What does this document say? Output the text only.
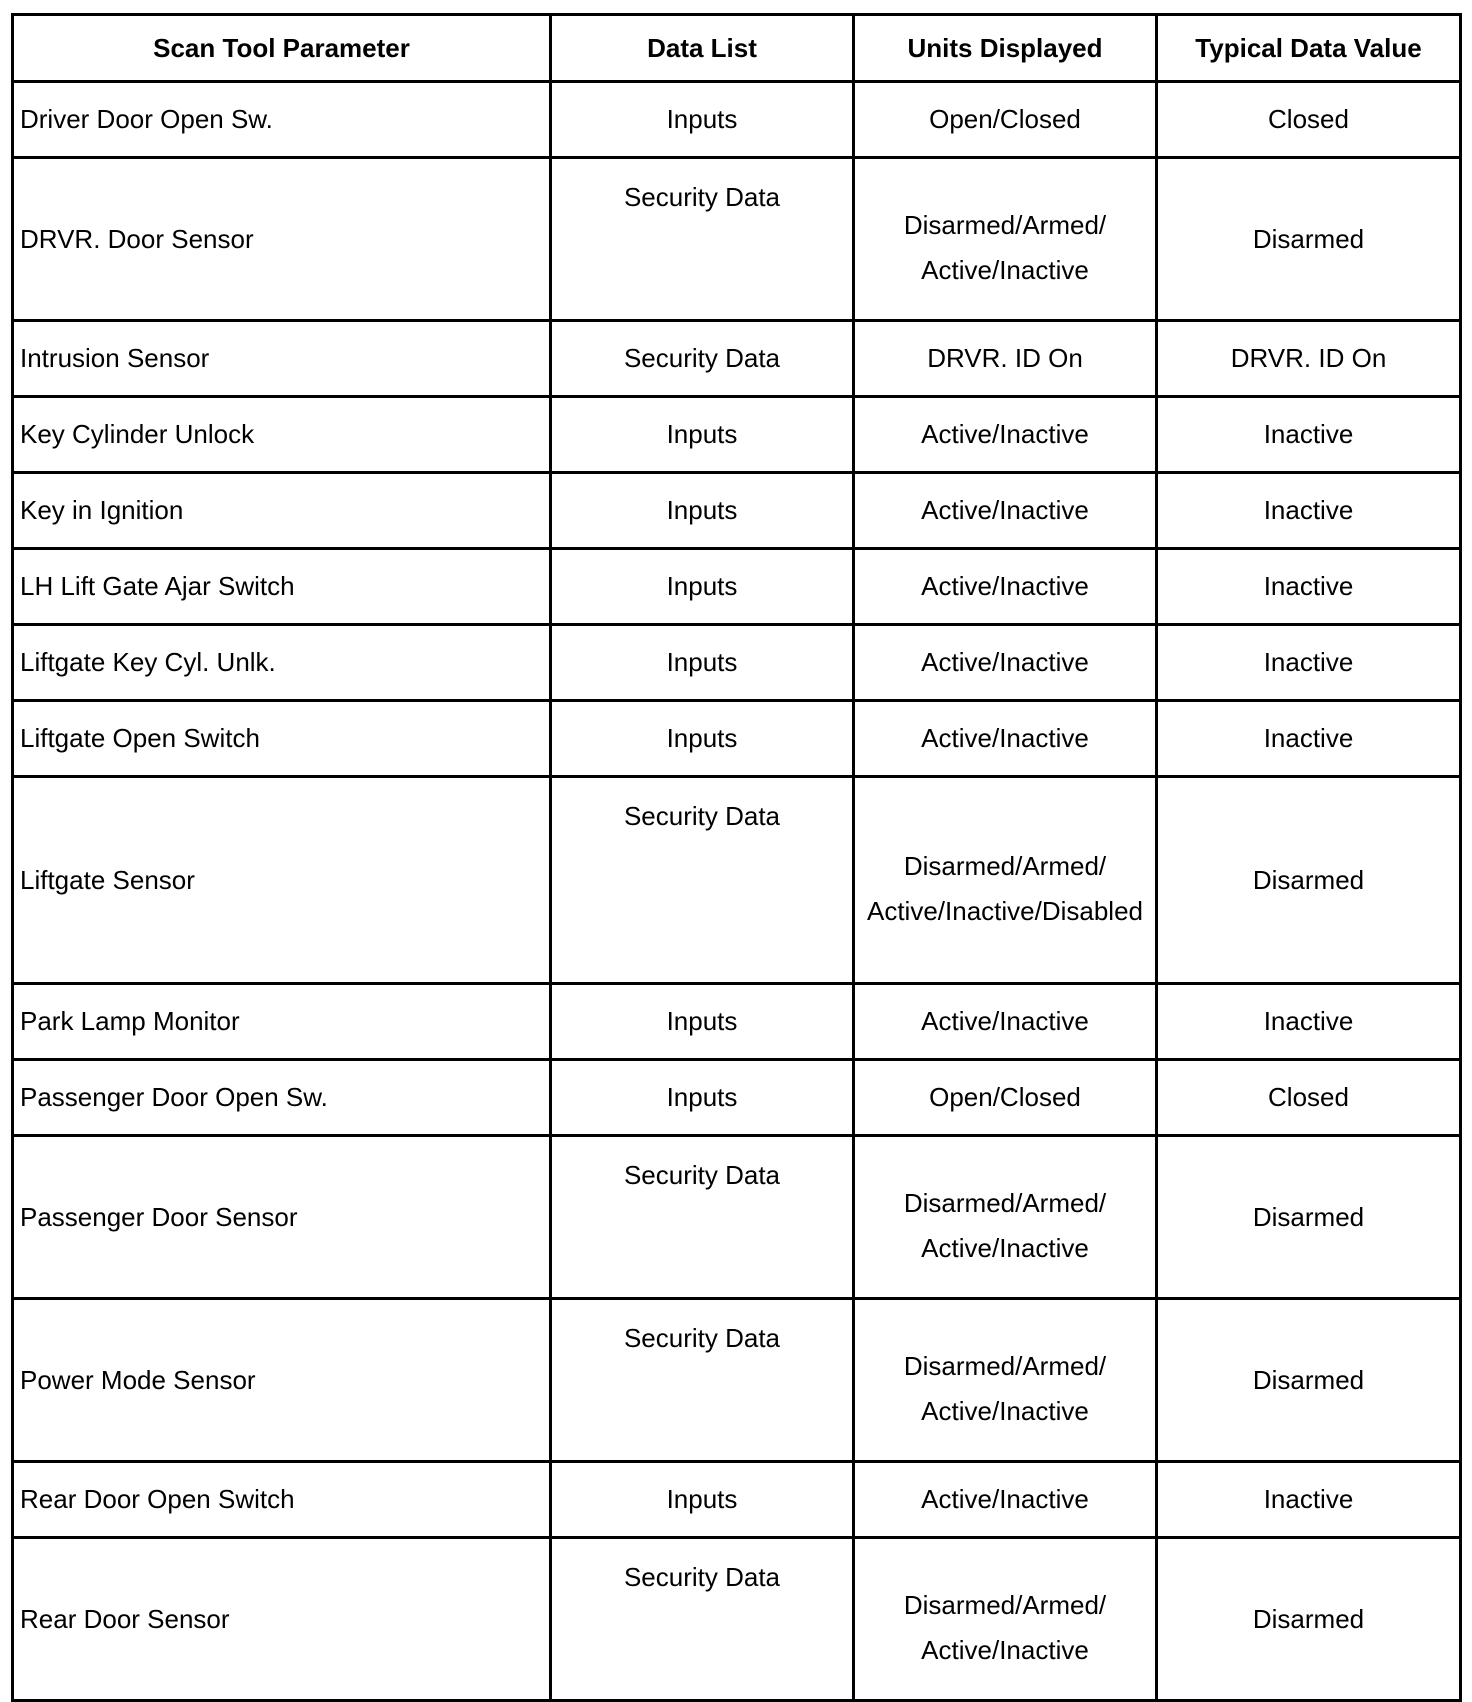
Scan Tool Parameter	Data List	Units Displayed	Typical Data Value
Driver Door Open Sw.	Inputs	Open/Closed	Closed
DRVR. Door Sensor	Security Data	Disarmed/Armed/ Active/Inactive	Disarmed
Intrusion Sensor	Security Data	DRVR. ID On	DRVR. ID On
Key Cylinder Unlock	Inputs	Active/Inactive	Inactive
Key in Ignition	Inputs	Active/Inactive	Inactive
LH Lift Gate Ajar Switch	Inputs	Active/Inactive	Inactive
Liftgate Key Cyl. Unlk.	Inputs	Active/Inactive	Inactive
Liftgate Open Switch	Inputs	Active/Inactive	Inactive
Liftgate Sensor	Security Data	Disarmed/Armed/ Active/Inactive/Disabled	Disarmed
Park Lamp Monitor	Inputs	Active/Inactive	Inactive
Passenger Door Open Sw.	Inputs	Open/Closed	Closed
Passenger Door Sensor	Security Data	Disarmed/Armed/ Active/Inactive	Disarmed
Power Mode Sensor	Security Data	Disarmed/Armed/ Active/Inactive	Disarmed
Rear Door Open Switch	Inputs	Active/Inactive	Inactive
Rear Door Sensor	Security Data	Disarmed/Armed/ Active/Inactive	Disarmed
